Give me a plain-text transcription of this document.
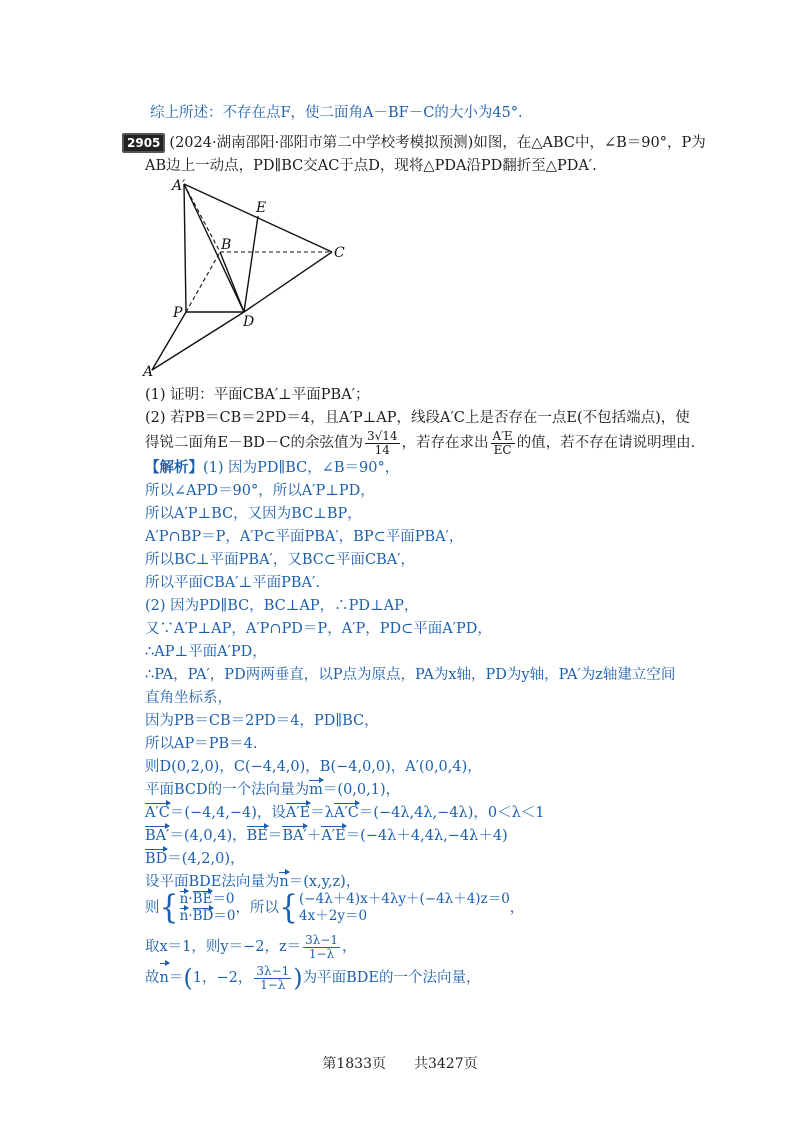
综上所述：不存在点F，使二面角A－BF－C的大小为45°.
2905 (2024·湖南邵阳·邵阳市第二中学校考模拟预测)如图，在△ABC中，∠B＝90°，P为
AB边上一动点，PD∥BC交AC于点D，现将△PDA沿PD翻折至△PDA′.
A′
E
B	C
P
D
A
(1) 证明：平面CBA′⊥平面PBA′；
(2) 若PB＝CB＝2PD＝4，且A′P⊥AP，线段A′C上是否存在一点E(不包括端点)，使
得锐二面角E－BD－C的余弦值为 $\frac{3√14}{14}$ ，若存在求出 $\frac{A'E}{EC}$ 的值，若不存在请说明理由.
【解析】(1) 因为PD∥BC，∠B＝90°，
所以∠APD＝90°，所以A′P⊥PD，
所以A′P⊥BC，又因为BC⊥BP，
A′P∩BP＝P，A′P⊂平面PBA′，BP⊂平面PBA′，
所以BC⊥平面PBA′，又BC⊂平面CBA′，
所以平面CBA′⊥平面PBA′.
(2) 因为PD∥BC，BC⊥AP，∴PD⊥AP，
又∵A′P⊥AP，A′P∩PD＝P，A′P，PD⊂平面A′PD，
∴AP⊥平面A′PD，
∴PA，PA′，PD两两垂直，以P点为原点，PA为x轴，PD为y轴，PA′为z轴建立空间
直角坐标系，
因为PB＝CB＝2PD＝4，PD∥BC，
所以AP＝PB＝4.
则D(0,2,0)，C(−4,4,0)，B(−4,0,0)，A′(0,0,4)，
平面BCD的一个法向量为m＝(0,0,1)，
A′C＝(−4,4,−4)，设A′E＝λA′C＝(−4λ,4λ,−4λ)，0＜λ＜1
BA′＝(4,0,4)，BE＝BA′＋A′E＝(−4λ＋4,4λ,−4λ＋4)
BD＝(4,2,0)，
设平面BDE法向量为n＝(x,y,z)，
则{ n·BE＝0
n·BD＝0 ，所以{ (−4λ＋4)x＋4λy＋(−4λ＋4)z＝0
4x＋2y＝0	，
取x＝1，则y＝−2，$z= \frac{3\lambda-1}{1-\lambda}$ ，
故n＝(1，−2， $\frac{3\lambda-1}{1-\lambda}$ )为平面BDE的一个法向量，
第1833页　　共3427页
